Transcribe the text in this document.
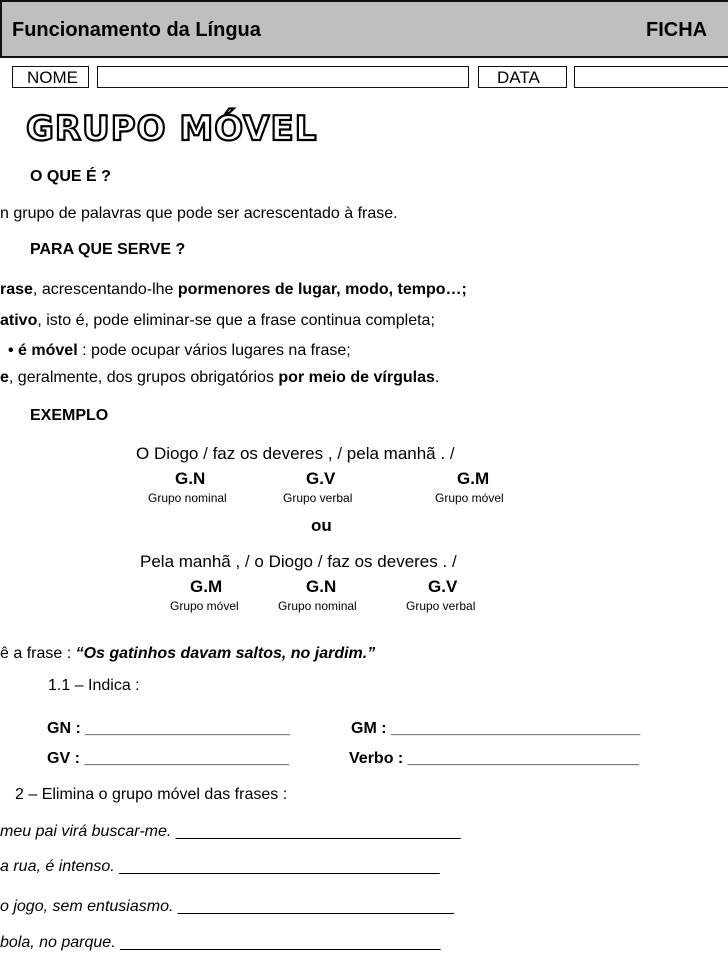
Funcionamento da Língua	FICHA
NOME	DATA
GRUPO MÓVEL
O QUE É ?
n grupo de palavras que pode ser acrescentado à frase.
PARA QUE SERVE ?
rase, acrescentando-lhe pormenores de lugar, modo, tempo…;
ativo, isto é, pode eliminar-se que a frase continua completa;
• é móvel : pode ocupar vários lugares na frase;
e, geralmente, dos grupos obrigatórios por meio de vírgulas.
EXEMPLO
O Diogo / faz os deveres , / pela manhã . /
G.N	G.V	G.M
Grupo nominal	Grupo verbal	Grupo móvel
ou
Pela manhã , / o Diogo / faz os deveres . /
G.M	G.N	G.V
Grupo móvel	Grupo nominal	Grupo verbal
ê a frase : “Os gatinhos davam saltos, no jardim.”
1.1 – Indica :
GN : _______________________	GM : ____________________________
GV : _______________________	Verbo : __________________________
2 – Elimina o grupo móvel das frases :
meu pai virá buscar-me. ________________________________
a rua, é intenso. ____________________________________
o jogo, sem entusiasmo. _______________________________
bola, no parque. ____________________________________
